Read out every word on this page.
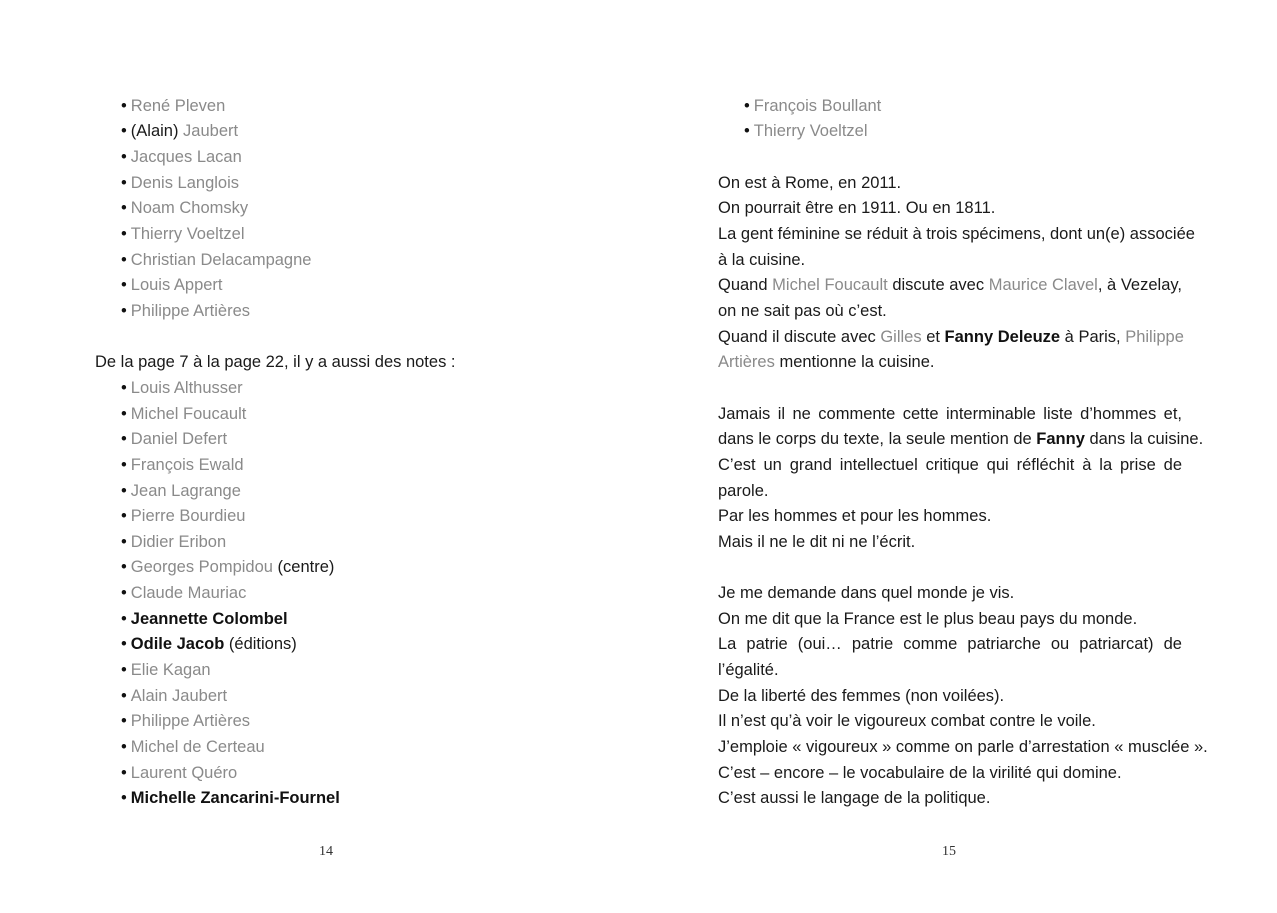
• René Pleven
• (Alain) Jaubert
• Jacques Lacan
• Denis Langlois
• Noam Chomsky
• Thierry Voeltzel
• Christian Delacampagne
• Louis Appert
• Philippe Artières
De la page 7 à la page 22, il y a aussi des notes :
• Louis Althusser
• Michel Foucault
• Daniel Defert
• François Ewald
• Jean Lagrange
• Pierre Bourdieu
• Didier Eribon
• Georges Pompidou (centre)
• Claude Mauriac
• Jeannette Colombel
• Odile Jacob (éditions)
• Elie Kagan
• Alain Jaubert
• Philippe Artières
• Michel de Certeau
• Laurent Quéro
• Michelle Zancarini-Fournel
14
• François Boullant
• Thierry Voeltzel
On est à Rome, en 2011.
On pourrait être en 1911. Ou en 1811.
La gent féminine se réduit à trois spécimens, dont un(e) associée
à la cuisine.
Quand Michel Foucault discute avec Maurice Clavel, à Vezelay,
on ne sait pas où c’est.
Quand il discute avec Gilles et Fanny Deleuze à Paris, Philippe
Artières mentionne la cuisine.
Jamais il ne commente cette interminable liste d’hommes et,
dans le corps du texte, la seule mention de Fanny dans la cuisine.
C’est un grand intellectuel critique qui réfléchit à la prise de
parole.
Par les hommes et pour les hommes.
Mais il ne le dit ni ne l’écrit.
Je me demande dans quel monde je vis.
On me dit que la France est le plus beau pays du monde.
La patrie (oui… patrie comme patriarche ou patriarcat) de
l’égalité.
De la liberté des femmes (non voilées).
Il n’est qu’à voir le vigoureux combat contre le voile.
J’emploie « vigoureux » comme on parle d’arrestation « musclée ».
C’est – encore – le vocabulaire de la virilité qui domine.
C’est aussi le langage de la politique.
15
